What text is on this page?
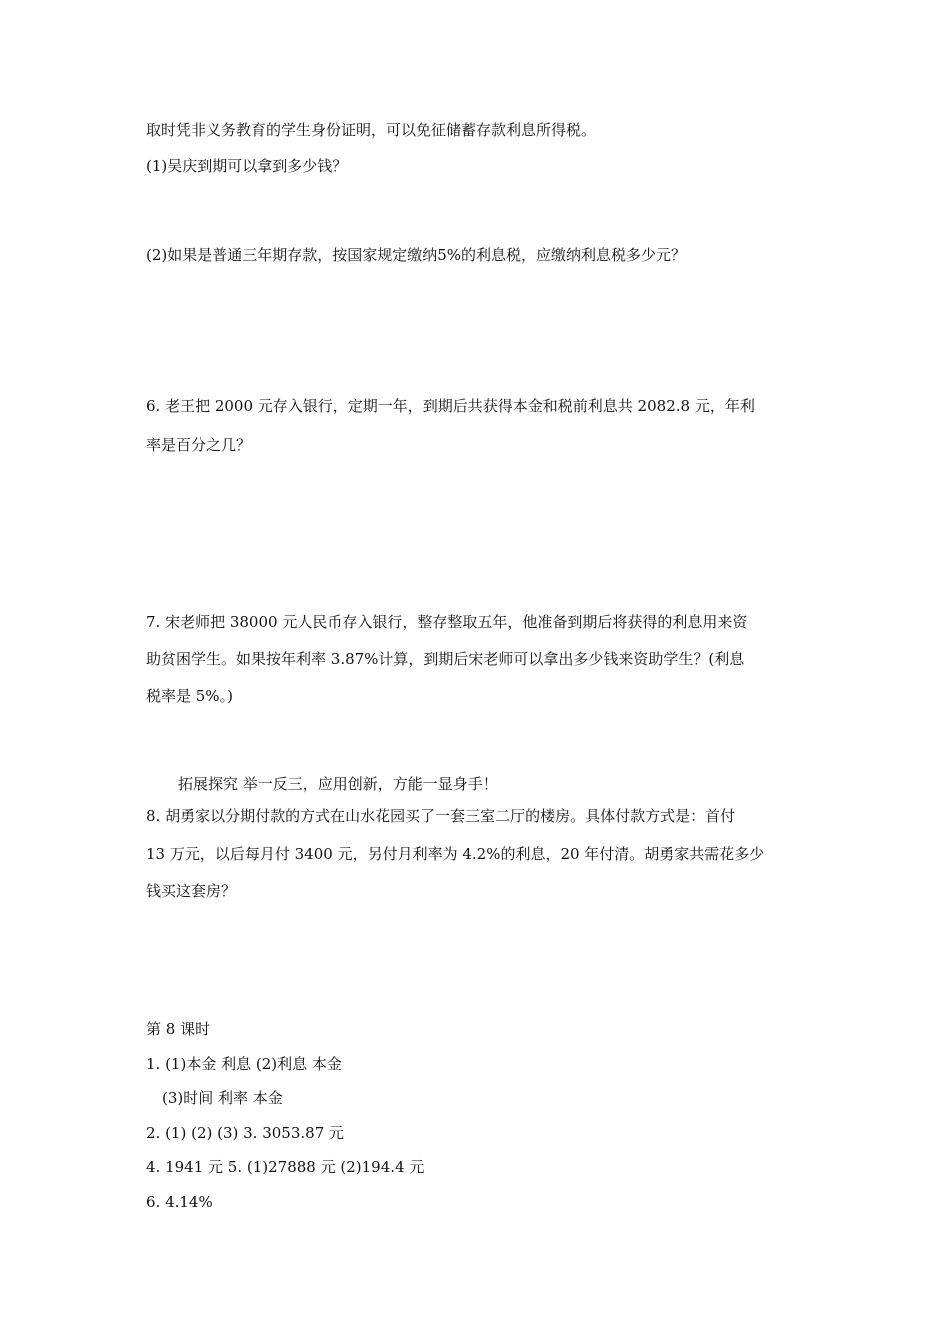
取时凭非义务教育的学生身份证明，可以免征储蓄存款利息所得税。
(1)吴庆到期可以拿到多少钱？
(2)如果是普通三年期存款，按国家规定缴纳5%的利息税，应缴纳利息税多少元？
6. 老王把 2000 元存入银行，定期一年，到期后共获得本金和税前利息共 2082.8 元，年利
率是百分之几？
7. 宋老师把 38000 元人民币存入银行，整存整取五年，他准备到期后将获得的利息用来资
助贫困学生。如果按年利率 3.87%计算，到期后宋老师可以拿出多少钱来资助学生？(利息
税率是 5%。)
拓展探究 举一反三，应用创新，方能一显身手！
8. 胡勇家以分期付款的方式在山水花园买了一套三室二厅的楼房。具体付款方式是：首付
13 万元，以后每月付 3400 元，另付月利率为 4.2%的利息，20 年付清。胡勇家共需花多少
钱买这套房？
第 8 课时
1. (1)本金 利息 (2)利息 本金
(3)时间 利率 本金
2. (1) (2) (3) 3. 3053.87 元
4. 1941 元 5. (1)27888 元 (2)194.4 元
6. 4.14%
